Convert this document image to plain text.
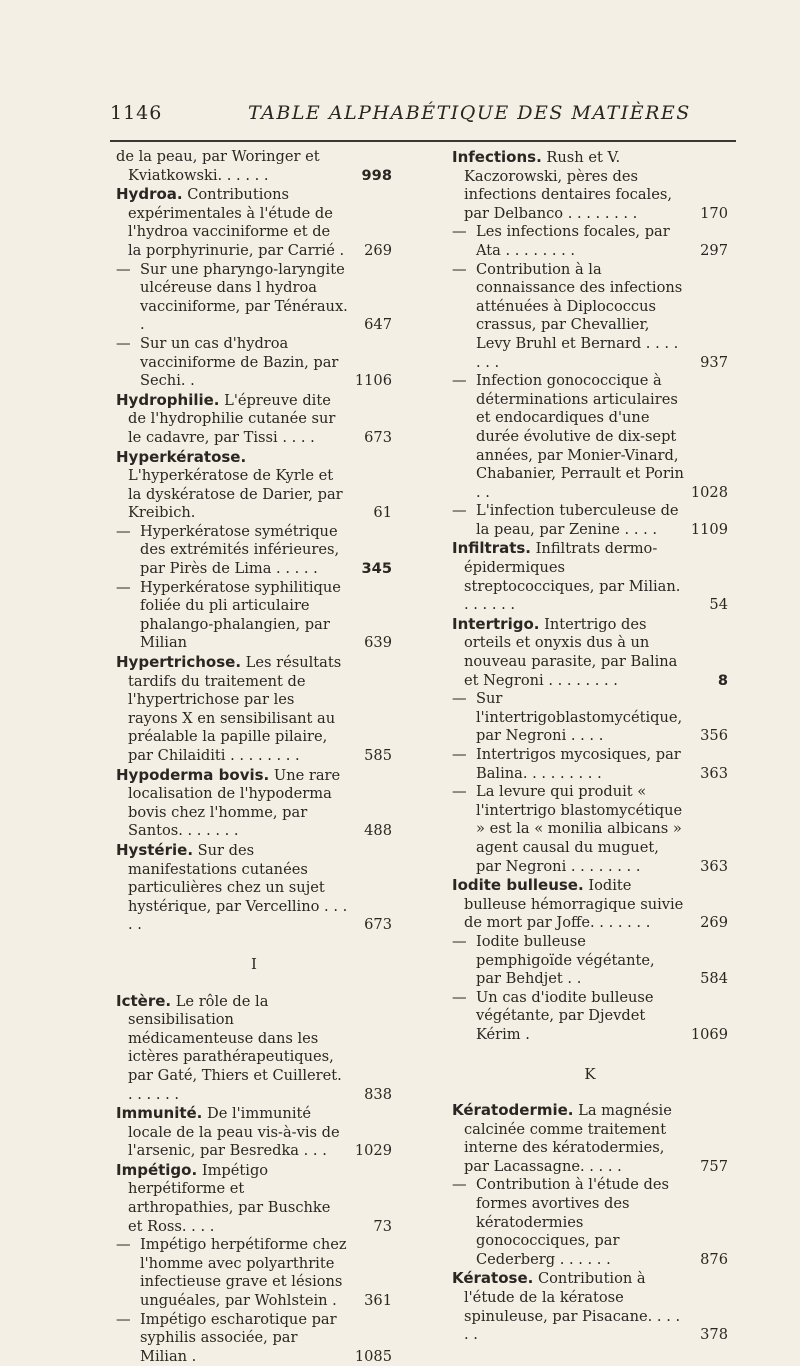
1146	TABLE ALPHABÉTIQUE DES MATIÈRES
de la peau, par Woringer et Kviatkowski. . . . . .	998
Hydroa. Contributions expérimentales à l'étude de l'hydroa vacciniforme et de la porphyrinurie, par Carrié .	269
— Sur une pharyngo-laryngite ulcéreuse dans l hydroa vacciniforme, par Ténéraux. .	647
— Sur un cas d'hydroa vacciniforme de Bazin, par Sechi. .	1106
Hydrophilie. L'épreuve dite de l'hydrophilie cutanée sur le cadavre, par Tissi . . . .	673
Hyperkératose. L'hyperkératose de Kyrle et la dyskératose de Darier, par Kreibich.	61
— Hyperkératose symétrique des extrémités inférieures, par Pirès de Lima . . . . .	345
— Hyperkératose syphilitique foliée du pli articulaire phalango-phalangien, par Milian	639
Hypertrichose. Les résultats tardifs du traitement de l'hypertrichose par les rayons X en sensibilisant au préalable la papille pilaire, par Chilaiditi . . . . . . . .	585
Hypoderma bovis. Une rare localisation de l'hypoderma bovis chez l'homme, par Santos. . . . . . .	488
Hystérie. Sur des manifestations cutanées particulières chez un sujet hystérique, par Vercellino . . . . .	673
I
Ictère. Le rôle de la sensibilisation médicamenteuse dans les ictères parathérapeutiques, par Gaté, Thiers et Cuilleret. . . . . . .	838
Immunité. De l'immunité locale de la peau vis-à-vis de l'arsenic, par Besredka . . .	1029
Impétigo. Impétigo herpétiforme et arthropathies, par Buschke et Ross. . . .	73
— Impétigo herpétiforme chez l'homme avec polyarthrite infectieuse grave et lésions unguéales, par Wohlstein .	361
— Impétigo escharotique par syphilis associée, par Milian .	1085
Infections. Rush et V. Kaczorowski, pères des infections dentaires focales, par Delbanco . . . . . . . .	170
— Les infections focales, par Ata . . . . . . . .	297
— Contribution à la connaissance des infections atténuées à Diplococcus crassus, par Chevallier, Levy Bruhl et Bernard . . . . . . .	937
— Infection gonococcique à déterminations articulaires et endocardiques d'une durée évolutive de dix-sept années, par Monier-Vinard, Chabanier, Perrault et Porin . .	1028
— L'infection tuberculeuse de la peau, par Zenine . . . .	1109
Infiltrats. Infiltrats dermo-épidermiques streptococciques, par Milian. . . . . . .	54
Intertrigo. Intertrigo des orteils et onyxis dus à un nouveau parasite, par Balina et Negroni . . . . . . . .	8
— Sur l'intertrigoblastomycétique, par Negroni . . . .	356
— Intertrigos mycosiques, par Balina. . . . . . . . .	363
— La levure qui produit « l'intertrigo blastomycétique » est la « monilia albicans » agent causal du muguet, par Negroni . . . . . . . .	363
Iodite bulleuse. Iodite bulleuse hémorragique suivie de mort par Joffe. . . . . . .	269
— Iodite bulleuse pemphigoïde végétante, par Behdjet . .	584
— Un cas d'iodite bulleuse végétante, par Djevdet Kérim .	1069
K
Kératodermie. La magnésie calcinée comme traitement interne des kératodermies, par Lacassagne. . . . .	757
— Contribution à l'étude des formes avortives des kératodermies gonococciques, par Cederberg . . . . . .	876
Kératose. Contribution à l'étude de la kératose spinuleuse, par Pisacane. . . . . .	378
